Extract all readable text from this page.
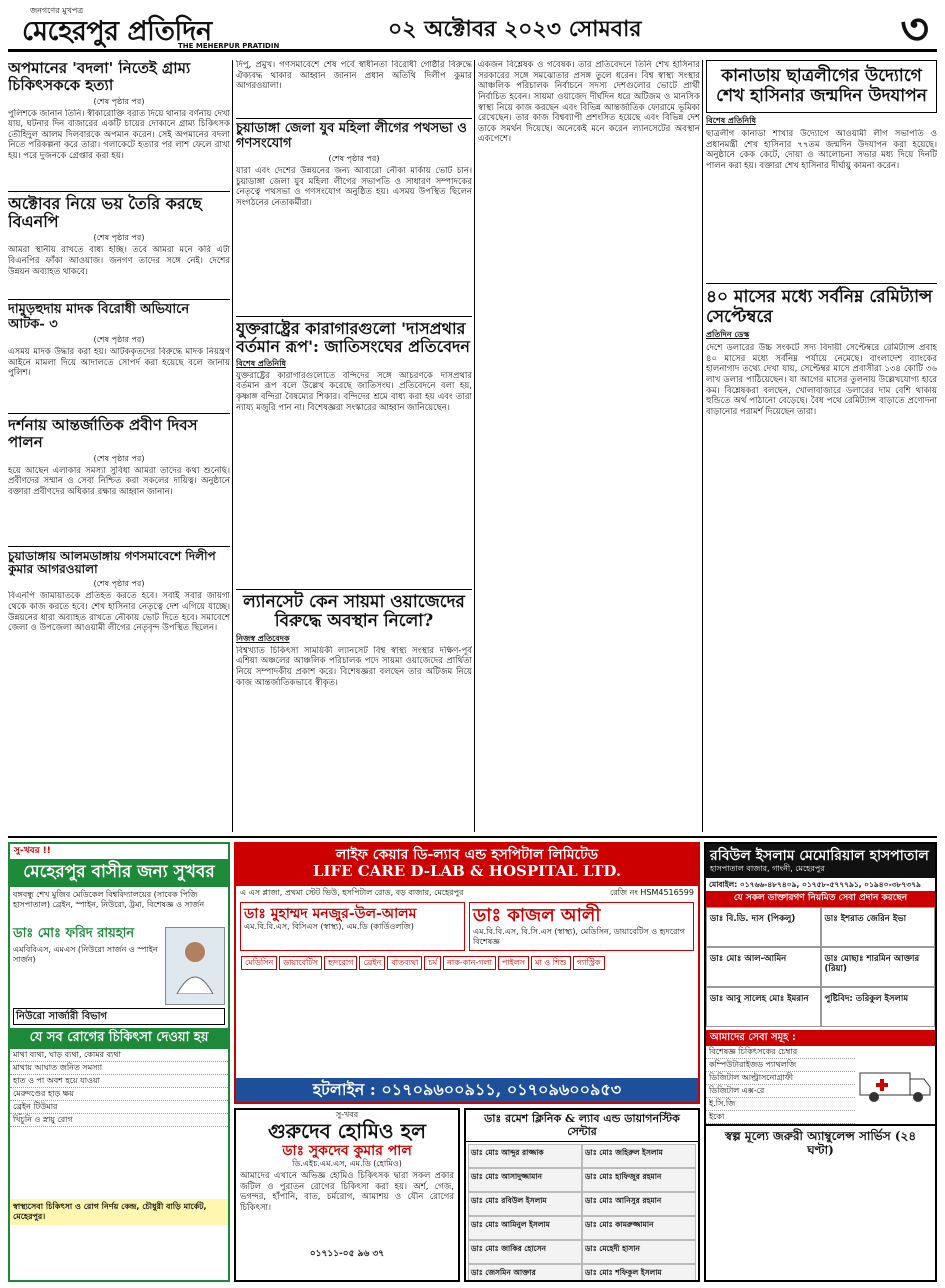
জনগণের মুখপত্র
মেহেরপুর প্রতিদিন
THE MEHERPUR PRATIDIN
০২ অক্টোবর ২০২৩ সোমবার	৩
অপমানের 'বদলা' নিতেই গ্রাম্য চিকিৎসককে হত্যা
(শেষ পৃষ্ঠার পর)
পুলিশকে জানান তিনি। স্বীকারোক্তি বরাত দিয়ে থানার বর্ণনায় দেখা যায়, ঘটনার দিন বাজারের একটি চায়ের দোকানে গ্রাম্য চিকিৎসক তৌহিদুল আলম দিলবারকে অপমান করেন। সেই অপমানের বদলা নিতে পরিকল্পনা করে তারা। গলাকেটে হত্যার পর লাশ ফেলে রাখা হয়। পরে দুজনকে গ্রেপ্তার করা হয়।
অক্টোবর নিয়ে ভয় তৈরি করছে বিএনপি
(শেষ পৃষ্ঠার পর)
আমরা স্থানীয় রাখতে বাধ্য হচ্ছি। তবে আমরা মনে করি এটা বিএনপির ফাঁকা আওয়াজ। জনগণ তাদের সঙ্গে নেই। দেশের উন্নয়ন অব্যাহত থাকবে।
দামুড়হুদায় মাদক বিরোধী অভিযানে আটক- ৩
(শেষ পৃষ্ঠার পর)
এসময় মাদক উদ্ধার করা হয়। আটককৃতদের বিরুদ্ধে মাদক নিয়ন্ত্রণ আইনে মামলা দিয়ে আদালতে সোপর্দ করা হয়েছে বলে জানায় পুলিশ।
দর্শনায় আন্তর্জাতিক প্রবীণ দিবস পালন
(শেষ পৃষ্ঠার পর)
হয়ে আছেন এলাকার সমস্যা সুবিধা আমরা তাদের কথা শুনেছি। প্রবীণদের সম্মান ও সেবা নিশ্চিত করা সকলের দায়িত্ব। অনুষ্ঠানে বক্তারা প্রবীণদের অধিকার রক্ষার আহ্বান জানান।
চুয়াডাঙ্গায় আলমডাঙ্গায় গণসমাবেশে দিলীপ কুমার আগরওয়ালা
(শেষ পৃষ্ঠার পর)
বিএনপি জামায়াতকে প্রতিহত করতে হবে। সবাই সবার জায়গা থেকে কাজ করতে হবে। শেখ হাসিনার নেতৃত্বে দেশ এগিয়ে যাচ্ছে। উন্নয়নের ধারা অব্যাহত রাখতে নৌকায় ভোট দিতে হবে। সমাবেশে জেলা ও উপজেলা আওয়ামী লীগের নেতৃবৃন্দ উপস্থিত ছিলেন।
দিপু, প্রমুখ। গণসমাবেশে শেষ পর্বে স্বাধীনতা বিরোধী গোষ্ঠীর বিরুদ্ধে ঐক্যবদ্ধ থাকার আহ্বান জানান প্রধান অতিথি দিলীপ কুমার আগরওয়ালা।
চুয়াডাঙ্গা জেলা যুব মহিলা লীগের পথসভা ও গণসংযোগ
(শেষ পৃষ্ঠার পর)
যারা এবং দেশের উন্নয়নের জন্য আবারো নৌকা মার্কায় ভোট চান। চুয়াডাঙ্গা জেলা যুব মহিলা লীগের সভাপতি ও সাধারণ সম্পাদকের নেতৃত্বে পথসভা ও গণসংযোগ অনুষ্ঠিত হয়। এসময় উপস্থিত ছিলেন সংগঠনের নেতাকর্মীরা।
যুক্তরাষ্ট্রের কারাগারগুলো 'দাসপ্রথার বর্তমান রূপ': জাতিসংঘের প্রতিবেদন
বিশেষ প্রতিনিধি
যুক্তরাষ্ট্রের কারাগারগুলোতে বন্দিদের সঙ্গে আচরণকে দাসপ্রথার বর্তমান রূপ বলে উল্লেখ করেছে জাতিসংঘ। প্রতিবেদনে বলা হয়, কৃষ্ণাঙ্গ বন্দিরা বৈষম্যের শিকার। বন্দিদের শ্রমে বাধ্য করা হয় এবং তারা ন্যায্য মজুরি পান না। বিশেষজ্ঞরা সংস্কারের আহ্বান জানিয়েছেন।
ল্যানসেট কেন সায়মা ওয়াজেদের বিরুদ্ধে অবস্থান নিলো?
নিজস্ব প্রতিবেদক
বিশ্বখ্যাত চিকিৎসা সাময়িকী ল্যানসেট বিশ্ব স্বাস্থ্য সংস্থার দক্ষিণ-পূর্ব এশিয়া অঞ্চলের আঞ্চলিক পরিচালক পদে সায়মা ওয়াজেদের প্রার্থিতা নিয়ে সম্পাদকীয় প্রকাশ করে। বিশেষজ্ঞরা বলছেন তার অটিজম নিয়ে কাজ আন্তর্জাতিকভাবে স্বীকৃত।
একজন বিশ্লেষক ও গবেষক। তার প্রতিবেদনে তিনি শেখ হাসিনার সরকারের সঙ্গে সমঝোতার প্রসঙ্গ তুলে ধরেন। বিশ্ব স্বাস্থ্য সংস্থার আঞ্চলিক পরিচালক নির্বাচনে সদস্য দেশগুলোর ভোটে প্রার্থী নির্বাচিত হবেন। সায়মা ওয়াজেদ দীর্ঘদিন ধরে অটিজম ও মানসিক স্বাস্থ্য নিয়ে কাজ করছেন এবং বিভিন্ন আন্তর্জাতিক ফোরামে ভূমিকা রেখেছেন। তার কাজ বিশ্বব্যাপী প্রশংসিত হয়েছে এবং বিভিন্ন দেশ তাকে সমর্থন দিয়েছে। অনেকেই মনে করেন ল্যানসেটের অবস্থান একপেশে।
কানাডায় ছাত্রলীগের উদ্যোগে শেখ হাসিনার জন্মদিন উদযাপন
বিশেষ প্রতিনিধি
ছাত্রলীগ কানাডা শাখার উদ্যোগে আওয়ামী লীগ সভাপতি ও প্রধানমন্ত্রী শেখ হাসিনার ৭৭তম জন্মদিন উদযাপন করা হয়েছে। অনুষ্ঠানে কেক কেটে, দোয়া ও আলোচনা সভার মধ্য দিয়ে দিনটি পালন করা হয়। বক্তারা শেখ হাসিনার দীর্ঘায়ু কামনা করেন।
৪০ মাসের মধ্যে সর্বনিম্ন রেমিট্যান্স সেপ্টেম্বরে
প্রতিদিন ডেস্ক
দেশে ডলারের উচ্চ সংকটে সদ্য বিদায়ী সেপ্টেম্বরে রেমিট্যান্স প্রবাহ ৪০ মাসের মধ্যে সর্বনিম্ন পর্যায়ে নেমেছে। বাংলাদেশ ব্যাংকের হালনাগাদ তথ্যে দেখা যায়, সেপ্টেম্বর মাসে প্রবাসীরা ১৩৪ কোটি ৩৬ লাখ ডলার পাঠিয়েছেন। যা আগের মাসের তুলনায় উল্লেখযোগ্য হারে কম। বিশ্লেষকরা বলছেন, খোলাবাজারে ডলারের দাম বেশি থাকায় হুন্ডিতে অর্থ পাঠানো বেড়েছে। বৈধ পথে রেমিট্যান্স বাড়াতে প্রণোদনা বাড়ানোর পরামর্শ দিয়েছেন তারা।
সু-খবর !!
মেহেরপুর বাসীর জন্য সুখবর
বঙ্গবন্ধু শেখ মুজিব মেডিকেল বিশ্ববিদ্যালয়ের (সাবেক পিজি হাসপাতাল) ব্রেইন, স্পাইন, নিউরো, ট্রমা, বিশেষজ্ঞ ও সার্জন
ডাঃ মোঃ ফরিদ রায়হান
এমবিবিএস, এমএস (নিউরো সার্জন ও স্পাইন সার্জন)
নিউরো সার্জারী বিভাগ
যে সব রোগের চিকিৎসা দেওয়া হয়
মাথা ব্যথা, ঘাড় ব্যথা, কোমর ব্যথা
মাথায় আঘাত জনিত সমস্যা
হাত ও পা অবশ হয়ে যাওয়া
মেরুদণ্ডের হাড় ক্ষয়
ব্রেইন টিউমার
খিঁচুনি ও স্নায়ু রোগ
স্বাস্থ্যসেবা চিকিৎসা ও রোগ নির্ণয় কেন্দ্র, চৌধুরী বাড়ি মার্কেট, মেহেরপুর।
লাইফ কেয়ার ডি-ল্যাব এন্ড হসপিটাল লিমিটেড
LIFE CARE D-LAB & HOSPITAL LTD.
এ এস প্লাজা, প্রথমা স্টেট ভিউ, হসপিটাল রোড, বড় বাজার, মেহেরপুর	রেজি নং HSM4516599
ডাঃ মুহাম্মদ মনজুর-উল-আলম
এম.বি.বি.এস, বিসিএস (স্বাস্থ্য), এম.ডি (কার্ডিওলজি)
ডাঃ কাজল আলী
এম.বি.বি.এস, বি.সি.এস (স্বাস্থ্য), মেডিসিন, ডায়াবেটিস ও হৃদরোগ বিশেষজ্ঞ
মেডিসিন ডায়াবেটিস হৃদরোগ ব্রেইন বাতব্যথা চর্ম নাক-কান-গলা পাইলস মা ও শিশু গ্যাস্ট্রিক
হটলাইন : ০১৭০৯৬০০৯১১, ০১৭০৯৬০০৯৫৩
রবিউল ইসলাম মেমোরিয়াল হাসপাতাল
হাসপাতাল বাজার, গাংনী, মেহেরপুর
মোবাইল: ০১৭৬৬-৪৮৭৪০৯, ০১৭৫৮-৫৭৭৭৯১, ০১৯৪০-৩৮৭৩৭৯
যে সকল ডাক্তারগণ নিয়মিত সেবা প্রদান করছেন
ডাঃ বি.ডি. দাস (পিকলু)	ডাঃ ইশরাত জেরিন ইভা
ডাঃ মোঃ আল-আমিন	ডাঃ মোছাঃ শারমিন আক্তার (রিয়া)
ডাঃ আবু সালেহ মোঃ ইমরান	পুষ্টিবিদ: তরিকুল ইসলাম
আমাদের সেবা সমূহ :
বিশেষজ্ঞ চিকিৎসকের চেম্বার
কম্পিউটারাইজড প্যাথলজি
ডিজিটাল আল্ট্রাসনোগ্রাফী
ডিজিটাল এক্স-রে
ই.সি.জি
ইকো
স্বল্প মূল্যে জরুরী অ্যাম্বুলেন্স সার্ভিস (২৪ ঘণ্টা)
সু-খবর
গুরুদেব হোমিও হল
ডাঃ সুকদেব কুমার পাল
ডি.এইচ.এম.এস, এম.ডি (হোমিও)
আমাদের এখানে অভিজ্ঞ হোমিও চিকিৎসক দ্বারা সকল প্রকার জটিল ও পুরাতন রোগের চিকিৎসা করা হয়। অর্শ, গেজ, ভগন্দর, হাঁপানি, বাত, চর্মরোগ, আমাশয় ও যৌন রোগের চিকিৎসা।
০১৭১১-০৫ ৯৬ ৩৭
ডাঃ রমেশ ক্লিনিক & ল্যাব এন্ড ডায়াগনস্টিক সেন্টার
ডাঃ মোঃ আব্দুর রাজ্জাক	ডাঃ মোঃ জহিরুল ইসলাম
ডাঃ মোঃ আসাদুজ্জামান	ডাঃ মোঃ হাফিজুর রহমান
ডাঃ মোঃ রবিউল ইসলাম	ডাঃ মোঃ আনিসুর রহমান
ডাঃ মোঃ আমিনুল ইসলাম	ডাঃ মোঃ কামরুজ্জামান
ডাঃ মোঃ জাকির হোসেন	ডাঃ মেহেদী হাসান
ডাঃ জেসমিন আক্তার	ডাঃ মোঃ শফিকুল ইসলাম
